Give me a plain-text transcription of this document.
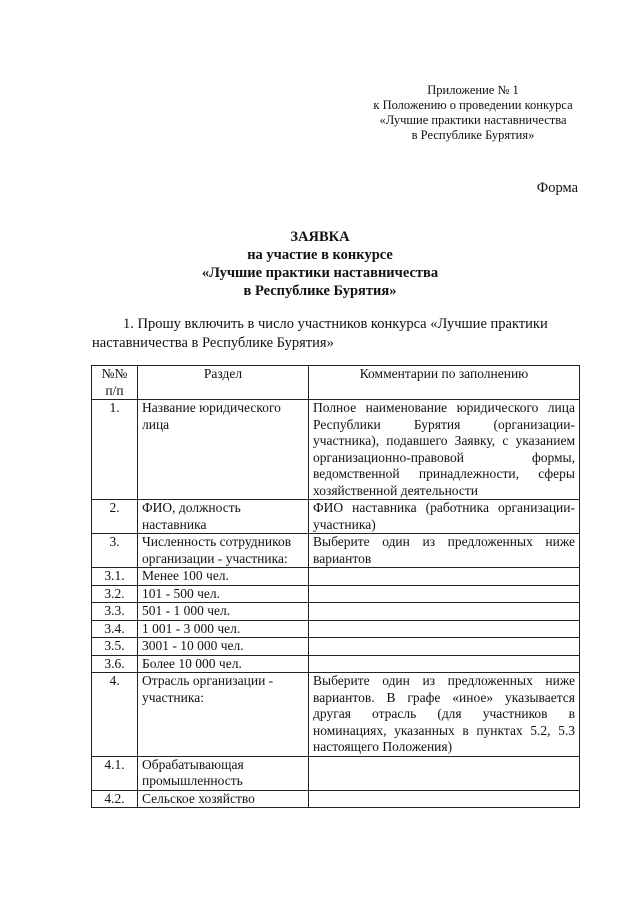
Приложение № 1
к Положению о проведении конкурса
«Лучшие практики наставничества
в Республике Бурятия»
Форма
ЗАЯВКА
на участие в конкурсе
«Лучшие практики наставничества
в Республике Бурятия»
1. Прошу включить в число участников конкурса «Лучшие практики
наставничества в Республике Бурятия»
№№ п/п	Раздел	Комментарии по заполнению
1.	Название юридического лица	Полное наименование юридического лица Республики Бурятия (организации-участника), подавшего Заявку, с указанием организационно-правовой формы, ведомственной принадлежности, сферы хозяйственной деятельности
2.	ФИО, должность наставника	ФИО наставника (работника организации-участника)
3.	Численность сотрудников организации - участника:	Выберите один из предложенных ниже вариантов
3.1.	Менее 100 чел.	
3.2.	101 - 500 чел.	
3.3.	501 - 1 000 чел.	
3.4.	1 001 - 3 000 чел.	
3.5.	3001 - 10 000 чел.	
3.6.	Более 10 000 чел.	
4.	Отрасль организации - участника:	Выберите один из предложенных ниже вариантов. В графе «иное» указывается другая отрасль (для участников в номинациях, указанных в пунктах 5.2, 5.3 настоящего Положения)
4.1.	Обрабатывающая промышленность	
4.2.	Сельское хозяйство	
